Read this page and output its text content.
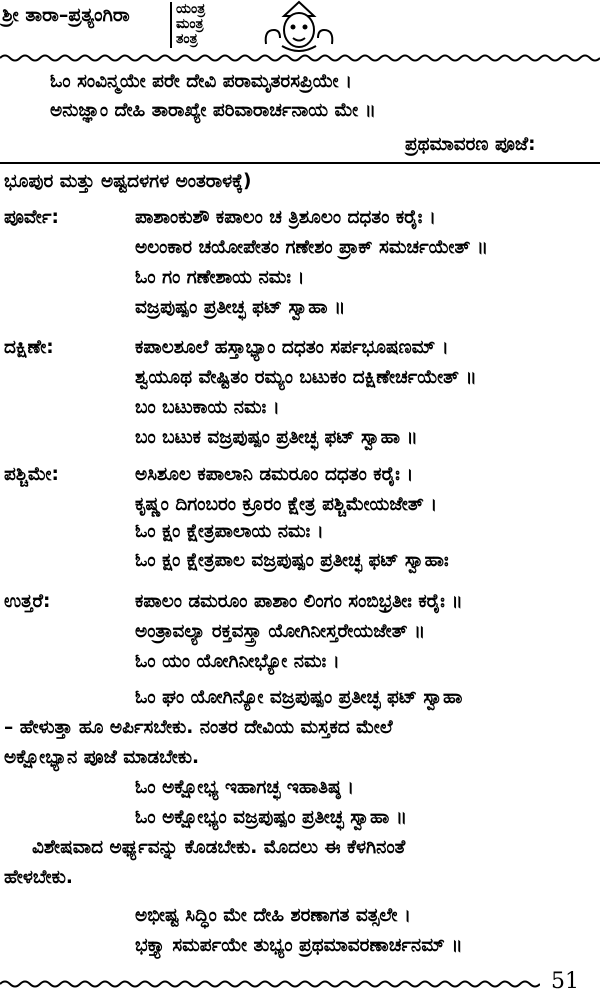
ಶ್ರೀ ತಾರಾ–ಪ್ರತ್ಯಂಗಿರಾ	ಯಂತ್ರ
ಮಂತ್ರ
ತಂತ್ರ
ಓಂ ಸಂವಿನ್ಮಯೇ ಪರೇ ದೇವಿ ಪರಾಮೃತರಸಪ್ರಿಯೇ ।
ಅನುಜ್ಞಾಂ ದೇಹಿ ತಾರಾಖ್ಯೇ ಪರಿವಾರಾರ್ಚನಾಯ ಮೇ ॥
ಪ್ರಥಮಾವರಣ ಪೂಜೆ:
ಭೂಪುರ ಮತ್ತು ಅಷ್ಟದಳಗಳ ಅಂತರಾಳಕ್ಕೆ)
ಪೂರ್ವೇ:	ಪಾಶಾಂಕುಶೌ ಕಪಾಲಂ ಚ ತ್ರಿಶೂಲಂ ದಧತಂ ಕರೈಃ ।
ಅಲಂಕಾರ ಚಯೋಪೇತಂ ಗಣೇಶಂ ಪ್ರಾಕ್ ಸಮರ್ಚಯೇತ್ ॥
ಓಂ ಗಂ ಗಣೇಶಾಯ ನಮಃ ।
ವಜ್ರಪುಷ್ಪಂ ಪ್ರತೀಚ್ಛ ಫಟ್ ಸ್ವಾಹಾ ॥
ದಕ್ಷಿಣೇ:	ಕಪಾಲಶೂಲೆ ಹಸ್ತಾಭ್ಯಾಂ ದಧತಂ ಸರ್ಪಭೂಷಣಮ್ ।
ಶ್ವಯೂಥ ವೇಷ್ಟಿತಂ ರಮ್ಯಂ ಬಟುಕಂ ದಕ್ಷಿಣೇರ್ಚಯೇತ್ ॥
ಬಂ ಬಟುಕಾಯ ನಮಃ ।
ಬಂ ಬಟುಕ ವಜ್ರಪುಷ್ಪಂ ಪ್ರತೀಚ್ಛ ಫಟ್ ಸ್ವಾಹಾ ॥
ಪಶ್ಚಿಮೇ:	ಅಸಿಶೂಲ ಕಪಾಲಾನಿ ಡಮರೂಂ ದಧತಂ ಕರೈಃ ।
ಕೃಷ್ಣಂ ದಿಗಂಬರಂ ಕ್ರೂರಂ ಕ್ಷೇತ್ರ ಪಶ್ಚಿಮೇಯಜೇತ್ ।
ಓಂ ಕ್ಷಂ ಕ್ಷೇತ್ರಪಾಲಾಯ ನಮಃ ।
ಓಂ ಕ್ಷಂ ಕ್ಷೇತ್ರಪಾಲ ವಜ್ರಪುಷ್ಪಂ ಪ್ರತೀಚ್ಛ ಫಟ್ ಸ್ವಾಹಾಃ
ಉತ್ತರೆ:	ಕಪಾಲಂ ಡಮರೂಂ ಪಾಶಾಂ ಲಿಂಗಂ ಸಂಬಿಭ್ರತೀಃ ಕರೈಃ ॥
ಅಂತ್ರಾವಲ್ಯಾ ರಕ್ತವಸ್ತ್ರಾ ಯೋಗಿನೀಸ್ತರೇಯಜೇತ್ ॥
ಓಂ ಯಂ ಯೋಗಿನೀಭ್ಯೋ ನಮಃ ।
ಓಂ ಘಂ ಯೋಗಿನ್ಯೋ ವಜ್ರಪುಷ್ಪಂ ಪ್ರತೀಚ್ಛ ಫಟ್ ಸ್ವಾಹಾ
– ಹೇಳುತ್ತಾ ಹೂ ಅರ್ಪಿಸಬೇಕು. ನಂತರ ದೇವಿಯ ಮಸ್ತಕದ ಮೇಲೆ
ಅಕ್ಷೋಭ್ಯಾನ ಪೂಜೆ ಮಾಡಬೇಕು.
ಓಂ ಅಕ್ಷೋಭ್ಯ ಇಹಾಗಚ್ಛ ಇಹಾತಿಷ್ಠ ।
ಓಂ ಅಕ್ಷೋಭ್ಯಂ ವಜ್ರಪುಷ್ಪಂ ಪ್ರತೀಚ್ಛ ಸ್ವಾಹಾ ॥
ವಿಶೇಷವಾದ ಅರ್ಘ್ಯವನ್ನು ಕೊಡಬೇಕು. ಮೊದಲು ಈ ಕೆಳಗಿನಂತೆ
ಹೇಳಬೇಕು.
ಅಭೀಷ್ಟ ಸಿದ್ಧಿಂ ಮೇ ದೇಹಿ ಶರಣಾಗತ ವತ್ಸಲೇ ।
ಭಕ್ತ್ಯಾ ಸಮರ್ಪಯೇ ತುಭ್ಯಂ ಪ್ರಥಮಾವರಣಾರ್ಚನಮ್ ॥
51
